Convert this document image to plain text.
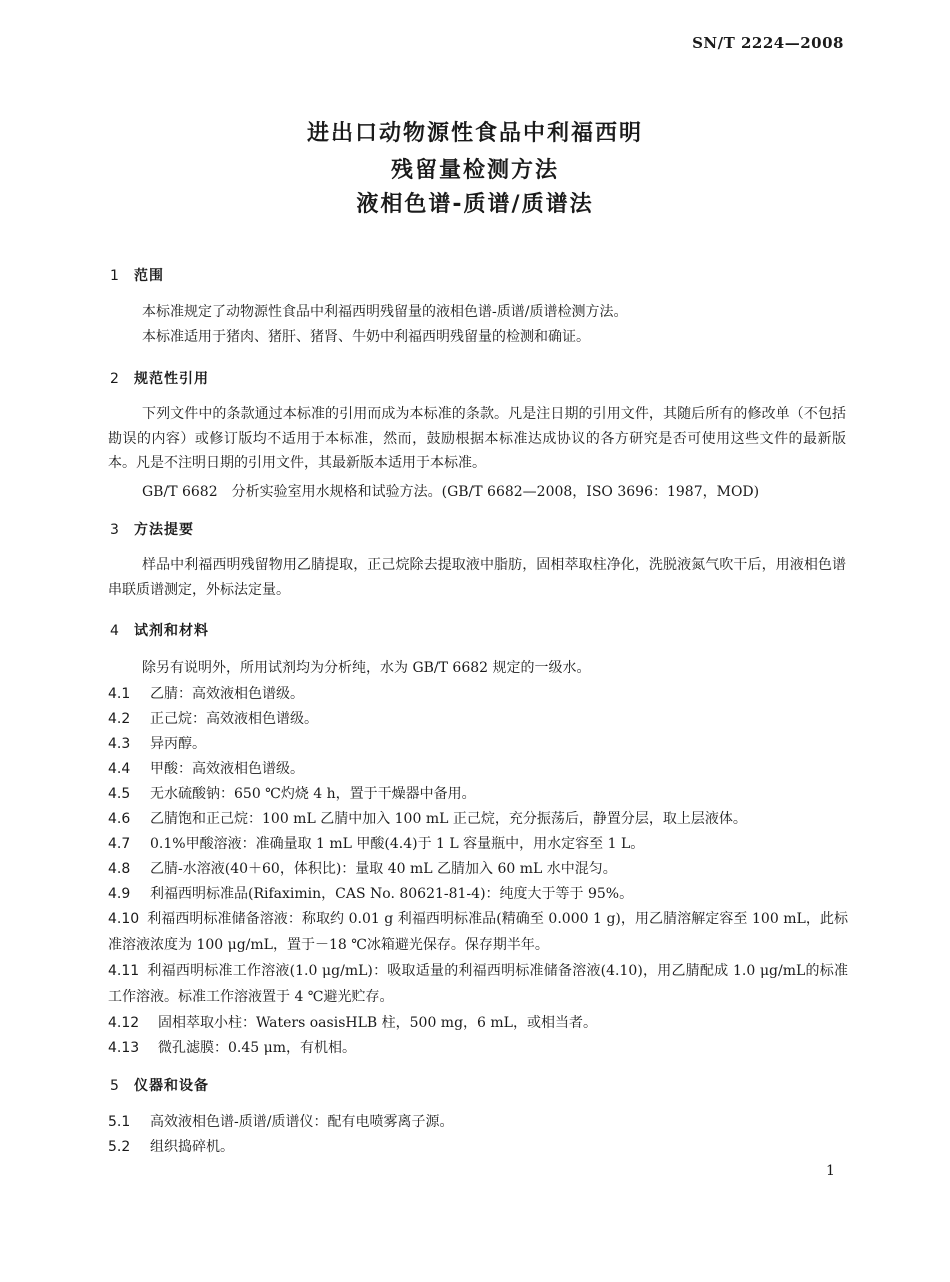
SN/T 2224—2008
进出口动物源性食品中利福西明
残留量检测方法
液相色谱-质谱/质谱法
1 范围
本标准规定了动物源性食品中利福西明残留量的液相色谱-质谱/质谱检测方法。
本标准适用于猪肉、猪肝、猪肾、牛奶中利福西明残留量的检测和确证。
2 规范性引用
下列文件中的条款通过本标准的引用而成为本标准的条款。凡是注日期的引用文件，其随后所有的修改单（不包括勘误的内容）或修订版均不适用于本标准，然而，鼓励根据本标准达成协议的各方研究是否可使用这些文件的最新版本。凡是不注明日期的引用文件，其最新版本适用于本标准。
GB/T 6682　分析实验室用水规格和试验方法。(GB/T 6682—2008，ISO 3696：1987，MOD)
3 方法提要
样品中利福西明残留物用乙腈提取，正己烷除去提取液中脂肪，固相萃取柱净化，洗脱液氮气吹干后，用液相色谱串联质谱测定，外标法定量。
4 试剂和材料
除另有说明外，所用试剂均为分析纯，水为 GB/T 6682 规定的一级水。
4.1 乙腈：高效液相色谱级。
4.2 正己烷：高效液相色谱级。
4.3 异丙醇。
4.4 甲酸：高效液相色谱级。
4.5 无水硫酸钠：650 ℃灼烧 4 h，置于干燥器中备用。
4.6 乙腈饱和正己烷：100 mL 乙腈中加入 100 mL 正己烷，充分振荡后，静置分层，取上层液体。
4.7 0.1%甲酸溶液：准确量取 1 mL 甲酸(4.4)于 1 L 容量瓶中，用水定容至 1 L。
4.8 乙腈-水溶液(40＋60，体积比)：量取 40 mL 乙腈加入 60 mL 水中混匀。
4.9 利福西明标准品(Rifaximin，CAS No. 80621-81-4)：纯度大于等于 95%。
4.10 利福西明标准储备溶液：称取约 0.01 g 利福西明标准品(精确至 0.000 1 g)，用乙腈溶解定容至 100 mL，此标准溶液浓度为 100 μg/mL，置于－18 ℃冰箱避光保存。保存期半年。
4.11 利福西明标准工作溶液(1.0 μg/mL)：吸取适量的利福西明标准储备溶液(4.10)，用乙腈配成 1.0 μg/mL的标准工作溶液。标准工作溶液置于 4 ℃避光贮存。
4.12 固相萃取小柱：Waters oasisHLB 柱，500 mg，6 mL，或相当者。
4.13 微孔滤膜：0.45 μm，有机相。
5 仪器和设备
5.1 高效液相色谱-质谱/质谱仪：配有电喷雾离子源。
5.2 组织捣碎机。
1
